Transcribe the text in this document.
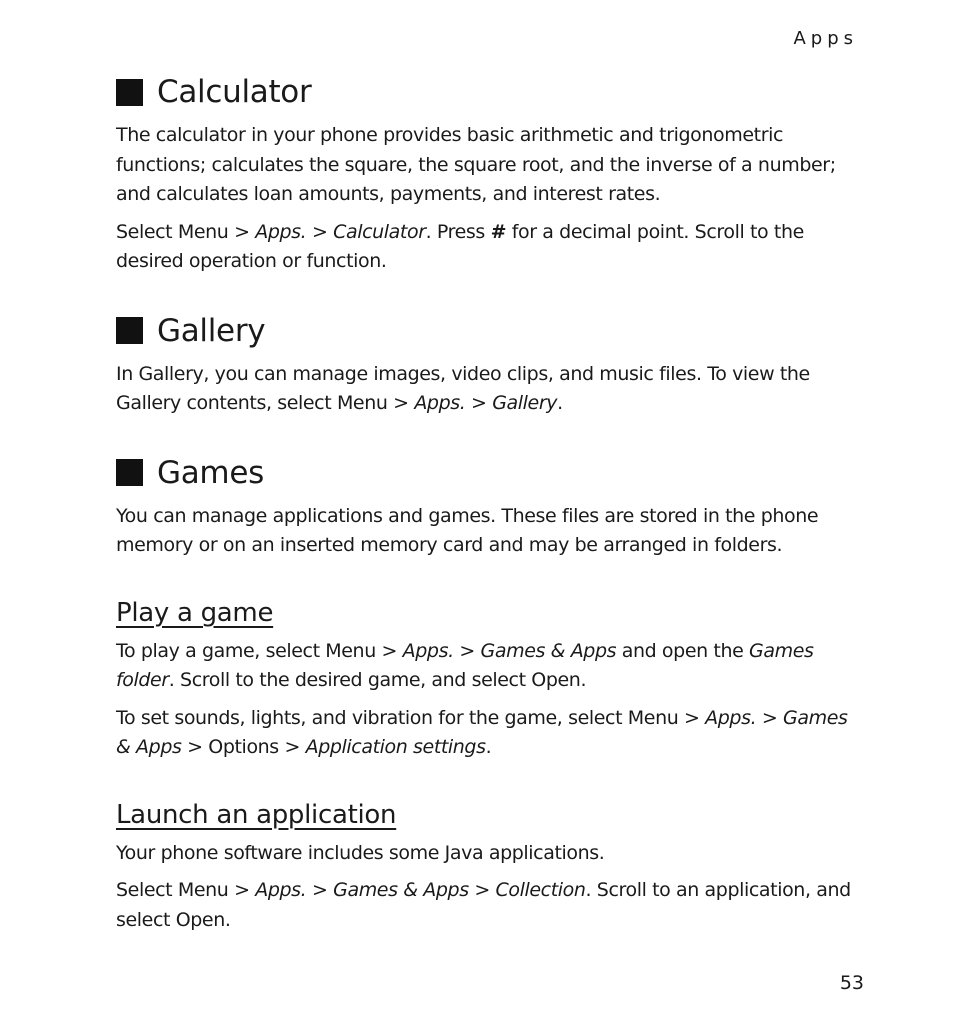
Apps
Calculator

The calculator in your phone provides basic arithmetic and trigonometric functions; calculates the square, the square root, and the inverse of a number; and calculates loan amounts, payments, and interest rates.

Select Menu > Apps. > Calculator. Press # for a decimal point. Scroll to the desired operation or function.

Gallery

In Gallery, you can manage images, video clips, and music files. To view the Gallery contents, select Menu > Apps. > Gallery.

Games

You can manage applications and games. These files are stored in the phone memory or on an inserted memory card and may be arranged in folders.

Play a game

To play a game, select Menu > Apps. > Games & Apps and open the Games folder. Scroll to the desired game, and select Open.

To set sounds, lights, and vibration for the game, select Menu > Apps. > Games & Apps > Options > Application settings.

Launch an application

Your phone software includes some Java applications.

Select Menu > Apps. > Games & Apps > Collection. Scroll to an application, and select Open.

53
